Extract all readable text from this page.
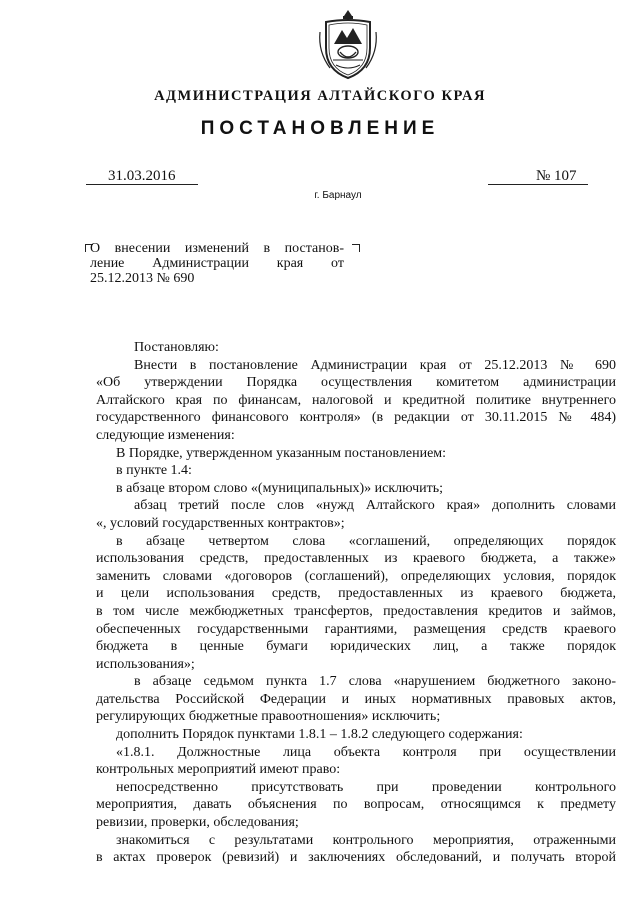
АДМИНИСТРАЦИЯ АЛТАЙСКОГО КРАЯ
ПОСТАНОВЛЕНИЕ
31.03.2016	№ 107
г. Барнаул
О внесении изменений в постанов-
ление Администрации края от
25.12.2013 № 690
Постановляю:
Внести в постановление Администрации края от 25.12.2013 № 690
«Об утверждении Порядка осуществления комитетом администрации
Алтайского края по финансам, налоговой и кредитной политике внутреннего
государственного финансового контроля» (в редакции от 30.11.2015 № 484)
следующие изменения:
В Порядке, утвержденном указанным постановлением:
в пункте 1.4:
в абзаце втором слово «(муниципальных)» исключить;
абзац третий после слов «нужд Алтайского края» дополнить словами
«, условий государственных контрактов»;
в абзаце четвертом слова «соглашений, определяющих порядок
использования средств, предоставленных из краевого бюджета, а также»
заменить словами «договоров (соглашений), определяющих условия, порядок
и цели использования средств, предоставленных из краевого бюджета,
в том числе межбюджетных трансфертов, предоставления кредитов и займов,
обеспеченных государственными гарантиями, размещения средств краевого
бюджета в ценные бумаги юридических лиц, а также порядок
использования»;
в абзаце седьмом пункта 1.7 слова «нарушением бюджетного законо-
дательства Российской Федерации и иных нормативных правовых актов,
регулирующих бюджетные правоотношения» исключить;
дополнить Порядок пунктами 1.8.1 – 1.8.2 следующего содержания:
«1.8.1. Должностные лица объекта контроля при осуществлении
контрольных мероприятий имеют право:
непосредственно присутствовать при проведении контрольного
мероприятия, давать объяснения по вопросам, относящимся к предмету
ревизии, проверки, обследования;
знакомиться с результатами контрольного мероприятия, отраженными
в актах проверок (ревизий) и заключениях обследований, и получать второй
